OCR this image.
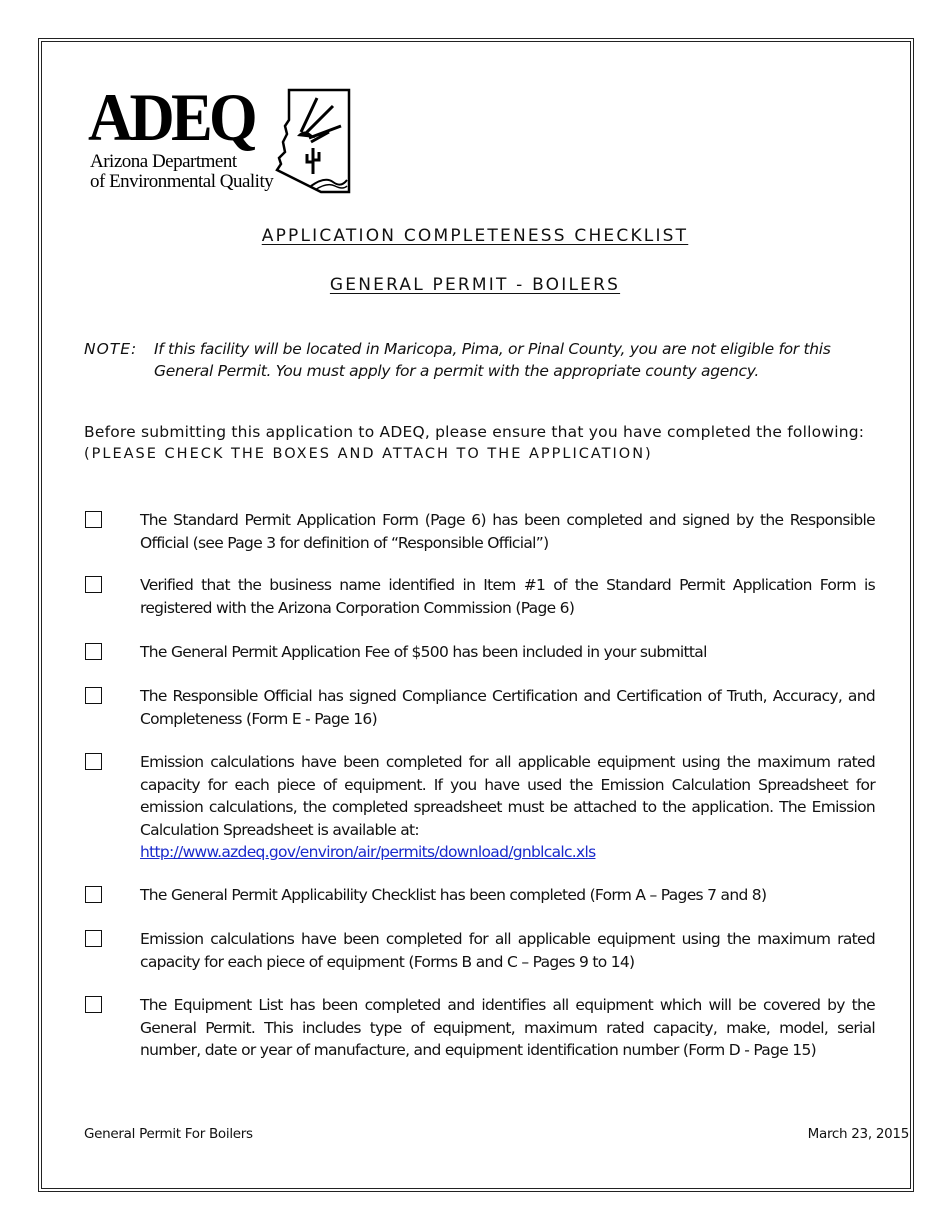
ADEQ
Arizona Department
of Environmental Quality
APPLICATION COMPLETENESS CHECKLIST
GENERAL PERMIT - BOILERS
NOTE: If this facility will be located in Maricopa, Pima, or Pinal County, you are not eligible for this
General Permit. You must apply for a permit with the appropriate county agency.
Before submitting this application to ADEQ, please ensure that you have completed the following:
(PLEASE CHECK THE BOXES AND ATTACH TO THE APPLICATION)
The Standard Permit Application Form (Page 6) has been completed and signed by the Responsible Official (see Page 3 for definition of “Responsible Official”)
Verified that the business name identified in Item #1 of the Standard Permit Application Form is registered with the Arizona Corporation Commission (Page 6)
The General Permit Application Fee of $500 has been included in your submittal
The Responsible Official has signed Compliance Certification and Certification of Truth, Accuracy, and Completeness (Form E - Page 16)
Emission calculations have been completed for all applicable equipment using the maximum rated capacity for each piece of equipment. If you have used the Emission Calculation Spreadsheet for emission calculations, the completed spreadsheet must be attached to the application. The Emission Calculation Spreadsheet is available at:
http://www.azdeq.gov/environ/air/permits/download/gnblcalc.xls
The General Permit Applicability Checklist has been completed (Form A – Pages 7 and 8)
Emission calculations have been completed for all applicable equipment using the maximum rated capacity for each piece of equipment (Forms B and C – Pages 9 to 14)
The Equipment List has been completed and identifies all equipment which will be covered by the General Permit. This includes type of equipment, maximum rated capacity, make, model, serial number, date or year of manufacture, and equipment identification number (Form D - Page 15)
General Permit For Boilers	March 23, 2015
